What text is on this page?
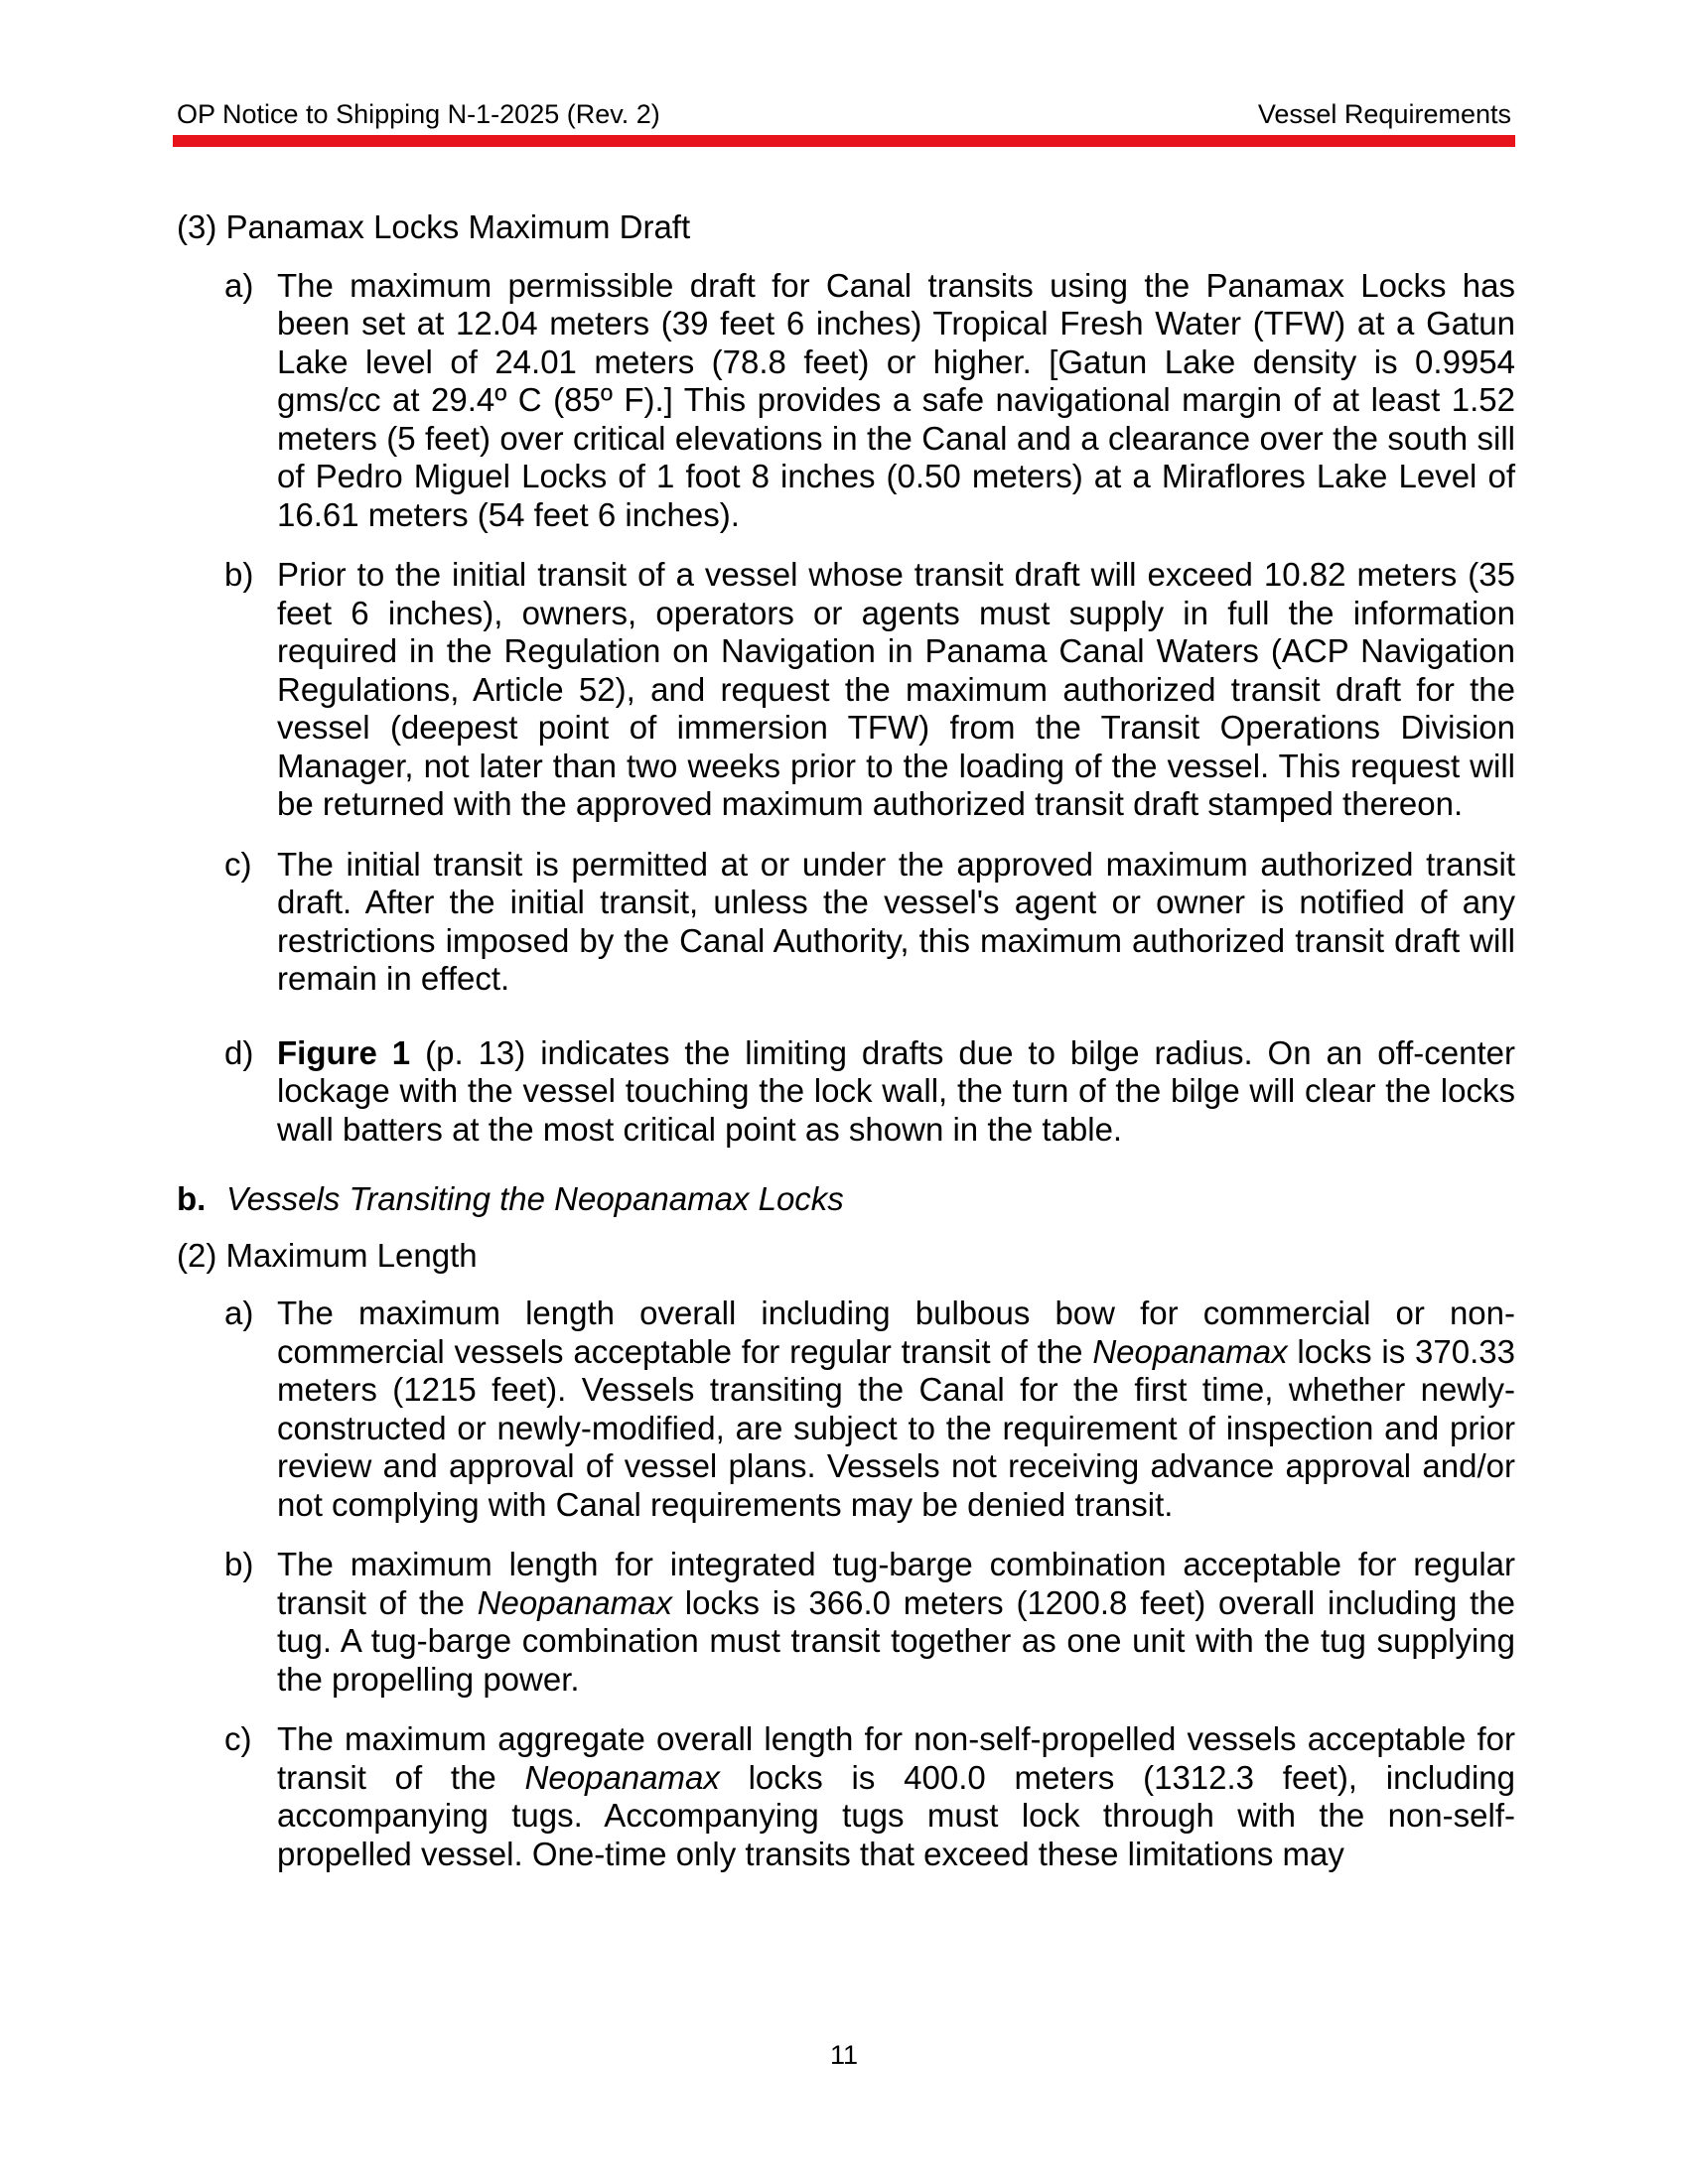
OP Notice to Shipping N-1-2025 (Rev. 2)	Vessel Requirements
(3) Panamax Locks Maximum Draft
a) The maximum permissible draft for Canal transits using the Panamax Locks has been set at 12.04 meters (39 feet 6 inches) Tropical Fresh Water (TFW) at a Gatun Lake level of 24.01 meters (78.8 feet) or higher. [Gatun Lake density is 0.9954 gms/cc at 29.4º C (85º F).] This provides a safe navigational margin of at least 1.52 meters (5 feet) over critical elevations in the Canal and a clearance over the south sill of Pedro Miguel Locks of 1 foot 8 inches (0.50 meters) at a Miraflores Lake Level of 16.61 meters (54 feet 6 inches).
b) Prior to the initial transit of a vessel whose transit draft will exceed 10.82 meters (35 feet 6 inches), owners, operators or agents must supply in full the information required in the Regulation on Navigation in Panama Canal Waters (ACP Navigation Regulations, Article 52), and request the maximum authorized transit draft for the vessel (deepest point of immersion TFW) from the Transit Operations Division Manager, not later than two weeks prior to the loading of the vessel. This request will be returned with the approved maximum authorized transit draft stamped thereon.
c) The initial transit is permitted at or under the approved maximum authorized transit draft. After the initial transit, unless the vessel's agent or owner is notified of any restrictions imposed by the Canal Authority, this maximum authorized transit draft will remain in effect.
d) Figure 1 (p. 13) indicates the limiting drafts due to bilge radius. On an off-center lockage with the vessel touching the lock wall, the turn of the bilge will clear the locks wall batters at the most critical point as shown in the table.
b. Vessels Transiting the Neopanamax Locks
(2) Maximum Length
a) The maximum length overall including bulbous bow for commercial or non-commercial vessels acceptable for regular transit of the Neopanamax locks is 370.33 meters (1215 feet). Vessels transiting the Canal for the first time, whether newly-constructed or newly-modified, are subject to the requirement of inspection and prior review and approval of vessel plans. Vessels not receiving advance approval and/or not complying with Canal requirements may be denied transit.
b) The maximum length for integrated tug-barge combination acceptable for regular transit of the Neopanamax locks is 366.0 meters (1200.8 feet) overall including the tug. A tug-barge combination must transit together as one unit with the tug supplying the propelling power.
c) The maximum aggregate overall length for non-self-propelled vessels acceptable for transit of the Neopanamax locks is 400.0 meters (1312.3 feet), including accompanying tugs. Accompanying tugs must lock through with the non-self-propelled vessel. One-time only transits that exceed these limitations may
11
